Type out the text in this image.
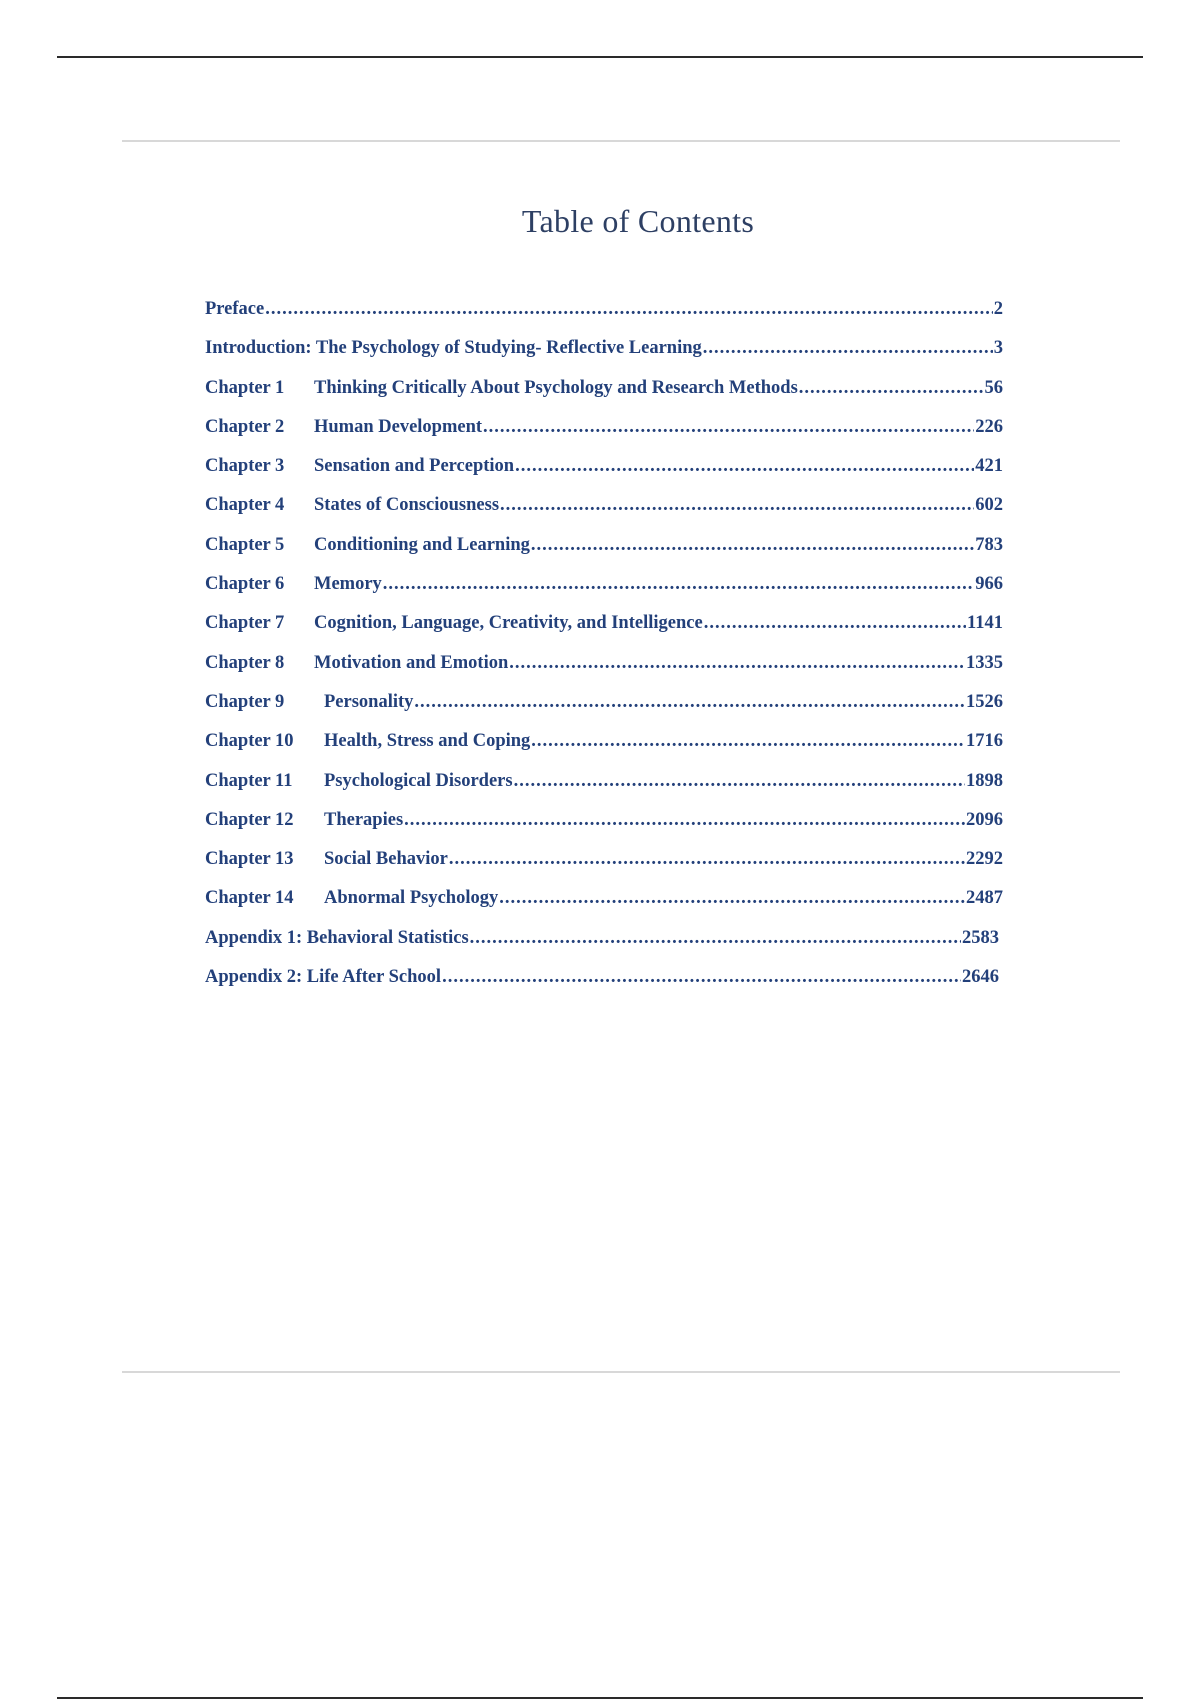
Table of Contents
Preface .....	2
Introduction: The Psychology of Studying- Reflective Learning .....	3
Chapter 1 Thinking Critically About Psychology and Research Methods .....	56
Chapter 2 Human Development .....	226
Chapter 3 Sensation and Perception .....	421
Chapter 4 States of Consciousness .....	602
Chapter 5 Conditioning and Learning .....	783
Chapter 6 Memory .....	966
Chapter 7 Cognition, Language, Creativity, and Intelligence .....	1141
Chapter 8 Motivation and Emotion .....	1335
Chapter 9 Personality .....	1526
Chapter 10 Health, Stress and Coping .....	1716
Chapter 11 Psychological Disorders .....	1898
Chapter 12 Therapies .....	2096
Chapter 13 Social Behavior .....	2292
Chapter 14 Abnormal Psychology .....	2487
Appendix 1: Behavioral Statistics .....	2583
Appendix 2: Life After School .....	2646
